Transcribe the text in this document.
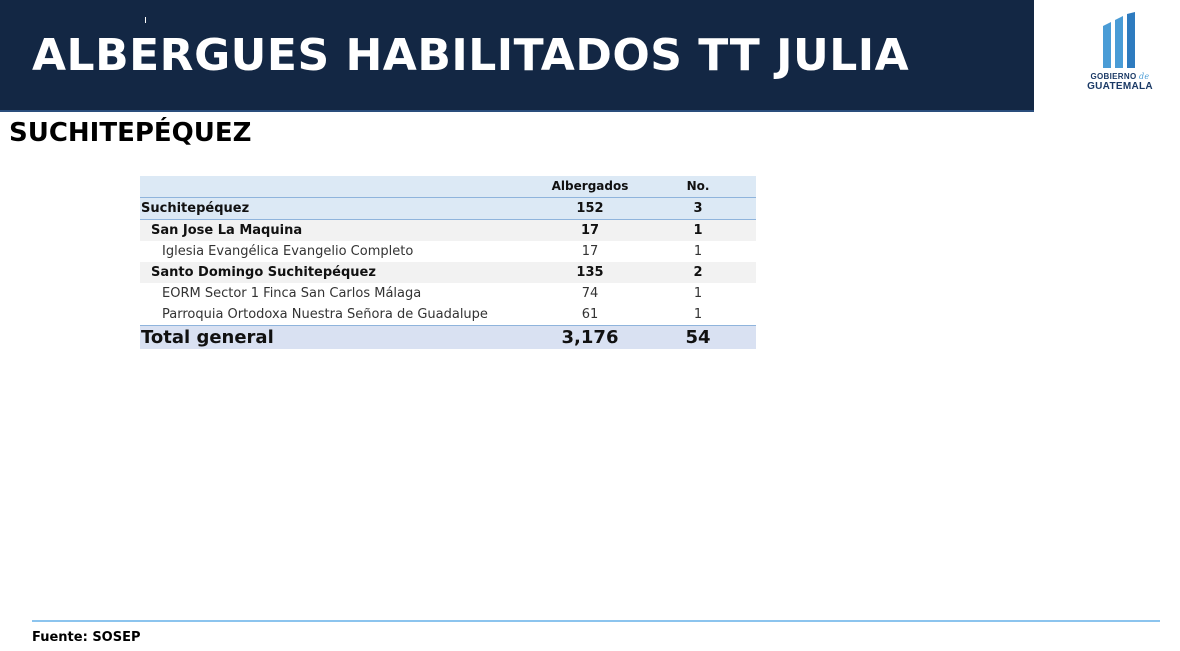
ALBERGUES HABILITADOS TT JULIA	GOBIERNO de
GUATEMALA
SUCHITEPÉQUEZ
	Albergados	No.
Suchitepéquez	152	3
San Jose La Maquina	17	1
Iglesia Evangélica Evangelio Completo	17	1
Santo Domingo Suchitepéquez	135	2
EORM Sector 1 Finca San Carlos Málaga	74	1
Parroquia Ortodoxa Nuestra Señora de Guadalupe	61	1
Total general	3,176	54

Fuente: SOSEP
